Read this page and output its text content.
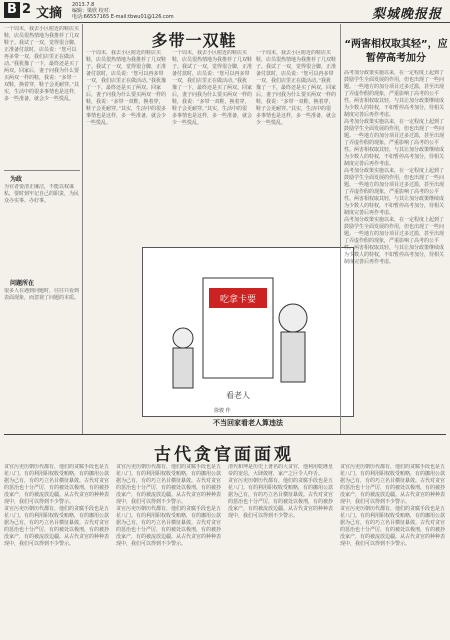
B 2 文摘
2013.7.8
编辑：梁欣 校对：
电话:66557165 E-mail:tbwu01@126.com	梨城晚报报
一个周末，我去小区附近的鞋店买鞋，店员很热情地为我推荐了几双鞋子。我试了一双，觉得很合脚，正准备付款时，店员说：“您可以再多带一双，我们店里正在做活动。”我犹豫了一下，最终还是买了两双。回家后，妻子问我为什么要买两双一样的鞋，我说：“多带一双鞋，换着穿，鞋子会更耐穿。”其实，生活中的很多事情也是这样，多一些准备，就会少一些慌乱。
为政
为官者要清正廉洁，不能以权谋私，要时刻牢记自己的职责，为民众办实事、办好事。
问题所在
很多人在遇到问题时，往往只看到表面现象，而忽视了问题的本质。
多带一双鞋
一个周末，我去小区附近的鞋店买鞋，店员很热情地为我推荐了几双鞋子。我试了一双，觉得很合脚，正准备付款时，店员说：“您可以再多带一双，我们店里正在做活动。”我犹豫了一下，最终还是买了两双。回家后，妻子问我为什么要买两双一样的鞋，我说：“多带一双鞋，换着穿，鞋子会更耐穿。”其实，生活中的很多事情也是这样，多一些准备，就会少一些慌乱。
一个周末，我去小区附近的鞋店买鞋，店员很热情地为我推荐了几双鞋子。我试了一双，觉得很合脚，正准备付款时，店员说：“您可以再多带一双，我们店里正在做活动。”我犹豫了一下，最终还是买了两双。回家后，妻子问我为什么要买两双一样的鞋，我说：“多带一双鞋，换着穿，鞋子会更耐穿。”其实，生活中的很多事情也是这样，多一些准备，就会少一些慌乱。
一个周末，我去小区附近的鞋店买鞋，店员很热情地为我推荐了几双鞋子。我试了一双，觉得很合脚，正准备付款时，店员说：“您可以再多带一双，我们店里正在做活动。”我犹豫了一下，最终还是买了两双。回家后，妻子问我为什么要买两双一样的鞋，我说：“多带一双鞋，换着穿，鞋子会更耐穿。”其实，生活中的很多事情也是这样，多一些准备，就会少一些慌乱。
吃拿卡要
看老人
徐骏 作
不当回家看老人算违法
“两害相权取其轻”，应暂停高考加分
高考加分政策实施以来，在一定程度上起到了鼓励学生全面发展的作用，但也出现了一些问题。一些地方的加分项目过多过滥，甚至出现了弄虚作假的现象，严重影响了高考的公平性。两害相权取其轻，与其让加分政策继续成为少数人的特权，不如暂停高考加分，待相关制度完善后再作考虑。
高考加分政策实施以来，在一定程度上起到了鼓励学生全面发展的作用，但也出现了一些问题。一些地方的加分项目过多过滥，甚至出现了弄虚作假的现象，严重影响了高考的公平性。两害相权取其轻，与其让加分政策继续成为少数人的特权，不如暂停高考加分，待相关制度完善后再作考虑。
高考加分政策实施以来，在一定程度上起到了鼓励学生全面发展的作用，但也出现了一些问题。一些地方的加分项目过多过滥，甚至出现了弄虚作假的现象，严重影响了高考的公平性。两害相权取其轻，与其让加分政策继续成为少数人的特权，不如暂停高考加分，待相关制度完善后再作考虑。
高考加分政策实施以来，在一定程度上起到了鼓励学生全面发展的作用，但也出现了一些问题。一些地方的加分项目过多过滥，甚至出现了弄虚作假的现象，严重影响了高考的公平性。两害相权取其轻，与其让加分政策继续成为少数人的特权，不如暂停高考加分，待相关制度完善后再作考虑。
古代贪官面面观
贪官污吏历朝历代都有，他们的贪腐手段也是五花八门。有的利用职权收受贿赂，有的挪用公款据为己有，有的巧立名目横征暴敛。古代对贪官的惩治也十分严厉，有的被处以极刑，有的被抄没家产，有的被流放边疆。从古代贪官的种种表现中，我们可以得到不少警示。
贪官污吏历朝历代都有，他们的贪腐手段也是五花八门。有的利用职权收受贿赂，有的挪用公款据为己有，有的巧立名目横征暴敛。古代对贪官的惩治也十分严厉，有的被处以极刑，有的被抄没家产，有的被流放边疆。从古代贪官的种种表现中，我们可以得到不少警示。
贪官污吏历朝历代都有，他们的贪腐手段也是五花八门。有的利用职权收受贿赂，有的挪用公款据为己有，有的巧立名目横征暴敛。古代对贪官的惩治也十分严厉，有的被处以极刑，有的被抄没家产，有的被流放边疆。从古代贪官的种种表现中，我们可以得到不少警示。
贪官污吏历朝历代都有，他们的贪腐手段也是五花八门。有的利用职权收受贿赂，有的挪用公款据为己有，有的巧立名目横征暴敛。古代对贪官的惩治也十分严厉，有的被处以极刑，有的被抄没家产，有的被流放边疆。从古代贪官的种种表现中，我们可以得到不少警示。
清代和珅是历史上著名的大贪官，他利用乾隆皇帝的宠信，大肆敛财，家产之巨令人咋舌。
贪官污吏历朝历代都有，他们的贪腐手段也是五花八门。有的利用职权收受贿赂，有的挪用公款据为己有，有的巧立名目横征暴敛。古代对贪官的惩治也十分严厉，有的被处以极刑，有的被抄没家产，有的被流放边疆。从古代贪官的种种表现中，我们可以得到不少警示。
贪官污吏历朝历代都有，他们的贪腐手段也是五花八门。有的利用职权收受贿赂，有的挪用公款据为己有，有的巧立名目横征暴敛。古代对贪官的惩治也十分严厉，有的被处以极刑，有的被抄没家产，有的被流放边疆。从古代贪官的种种表现中，我们可以得到不少警示。
贪官污吏历朝历代都有，他们的贪腐手段也是五花八门。有的利用职权收受贿赂，有的挪用公款据为己有，有的巧立名目横征暴敛。古代对贪官的惩治也十分严厉，有的被处以极刑，有的被抄没家产，有的被流放边疆。从古代贪官的种种表现中，我们可以得到不少警示。
